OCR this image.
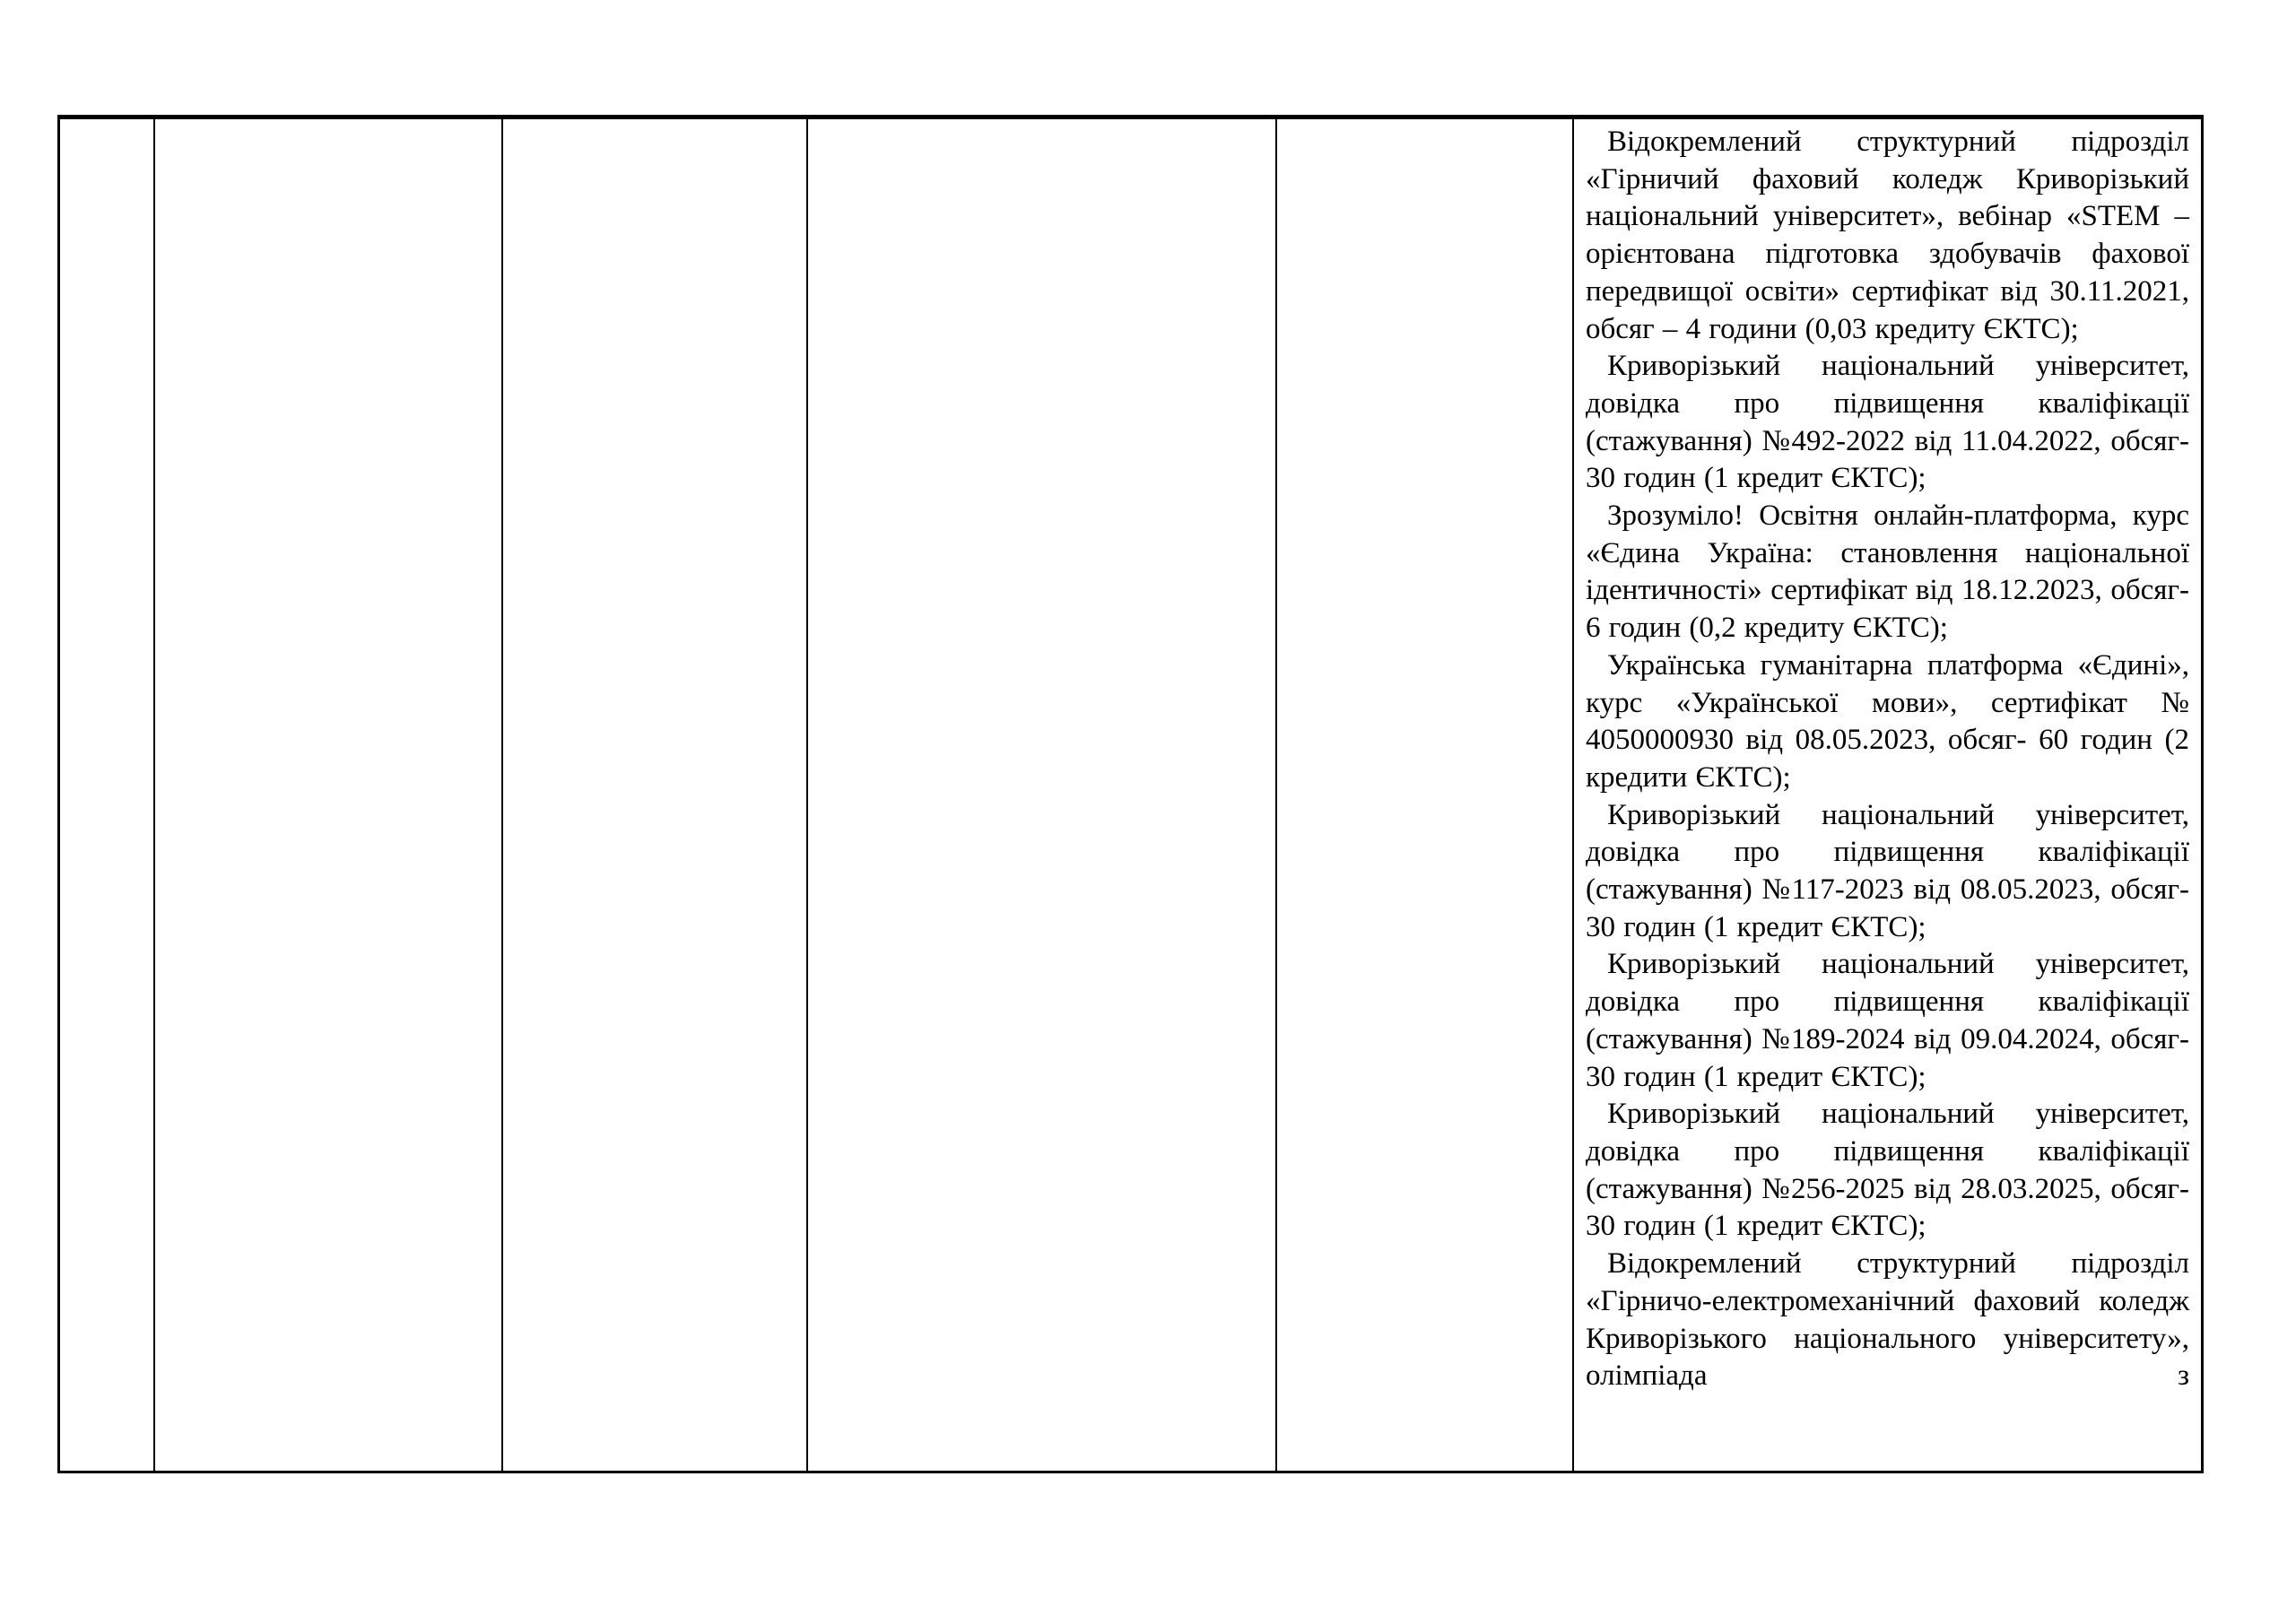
Відокремлений структурний підрозділ «Гірничий фаховий коледж Криворізький національний університет», вебінар «STEM – орієнтована підготовка здобувачів фахової передвищої освіти» сертифікат від 30.11.2021, обсяг – 4 години (0,03 кредиту ЄКТС);

Криворізький національний університет, довідка про підвищення кваліфікації (стажування) №492-2022 від 11.04.2022, обсяг- 30 годин (1 кредит ЄКТС);

Зрозуміло! Освітня онлайн-платформа, курс «Єдина Україна: становлення національної ідентичності» сертифікат від 18.12.2023, обсяг- 6 годин (0,2 кредиту ЄКТС);

Українська гуманітарна платформа «Єдині», курс «Української мови», сертифікат № 4050000930 від 08.05.2023, обсяг- 60 годин (2 кредити ЄКТС);

Криворізький національний університет, довідка про підвищення кваліфікації (стажування) №117-2023 від 08.05.2023, обсяг- 30 годин (1 кредит ЄКТС);

Криворізький національний університет, довідка про підвищення кваліфікації (стажування) №189-2024 від 09.04.2024, обсяг- 30 годин (1 кредит ЄКТС);

Криворізький національний університет, довідка про підвищення кваліфікації (стажування) №256-2025 від 28.03.2025, обсяг- 30 годин (1 кредит ЄКТС);

Відокремлений структурний підрозділ «Гірничо-електромеханічний фаховий коледж Криворізького національного університету», олімпіада з
